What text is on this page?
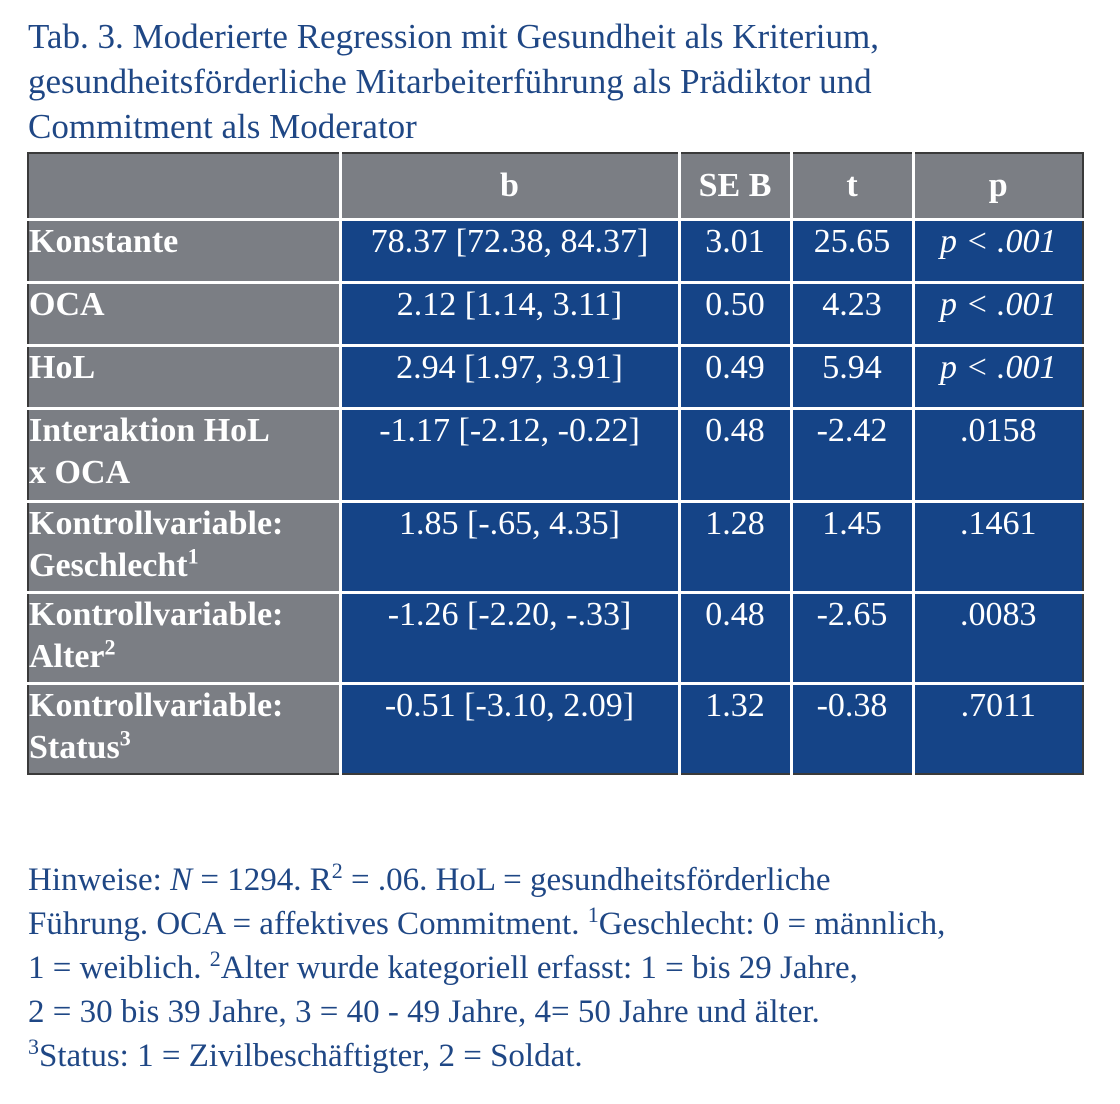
Tab. 3. Moderierte Regression mit Gesundheit als Kriterium,
gesundheitsförderliche Mitarbeiterführung als Prädiktor und
Commitment als Moderator
	b	SE B	t	p
Konstante	78.37 [72.38, 84.37]	3.01	25.65	p < .001
OCA	2.12 [1.14, 3.11]	0.50	4.23	p < .001
HoL	2.94 [1.97, 3.91]	0.49	5.94	p < .001
Interaktion HoL
x OCA	-1.17 [-2.12, -0.22]	0.48	-2.42	.0158
Kontrollvariable:
Geschlecht$^1$	1.85 [-.65, 4.35]	1.28	1.45	.1461
Kontrollvariable:
Alter$^2$	-1.26 [-2.20, -.33]	0.48	-2.65	.0083
Kontrollvariable:
Status$^3$	-0.51 [-3.10, 2.09]	1.32	-0.38	.7011
Hinweise: N = 1294. $R^2 = .06$. HoL = gesundheitsförderliche
Führung. OCA = affektives Commitment. $^1$Geschlecht: 0 = männlich,
1 = weiblich. $^2$Alter wurde kategoriell erfasst: 1 = bis 29 Jahre,
2 = 30 bis 39 Jahre, 3 = 40 - 49 Jahre, 4= 50 Jahre und älter.
$^3$Status: 1 = Zivilbeschäftigter, 2 = Soldat.
